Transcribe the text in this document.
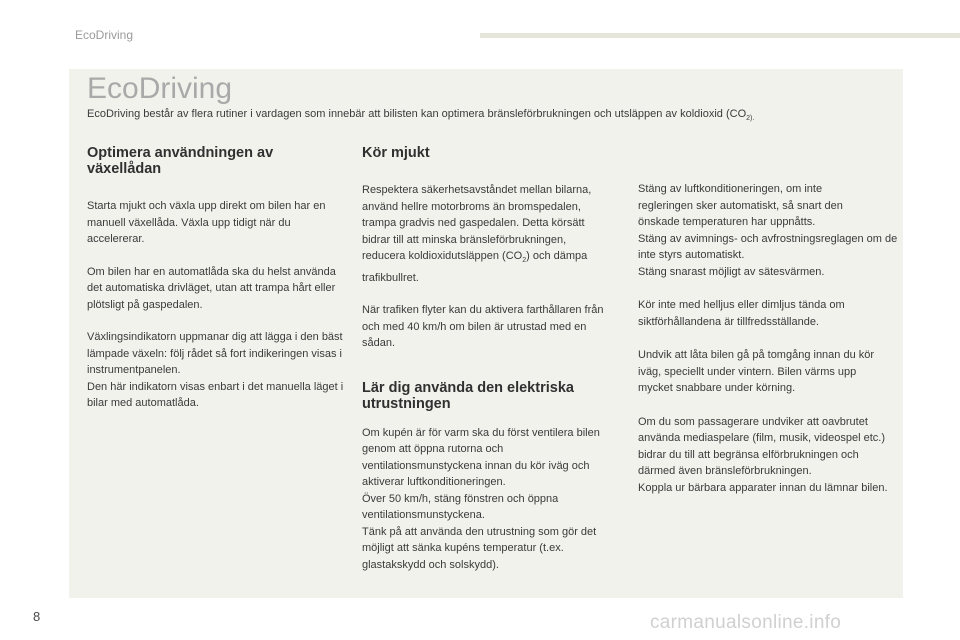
EcoDriving
EcoDriving

EcoDriving består av flera rutiner i vardagen som innebär att bilisten kan optimera bränsleförbrukningen och utsläppen av koldioxid ($CO_{2).}$

Optimera användningen av växellådan

Starta mjukt och växla upp direkt om bilen har en manuell växellåda. Växla upp tidigt när du accelererar.

Om bilen har en automatlåda ska du helst använda det automatiska drivläget, utan att trampa hårt eller plötsligt på gaspedalen.

Växlingsindikatorn uppmanar dig att lägga i den bäst lämpade växeln: följ rådet så fort indikeringen visas i instrumentpanelen.

Den här indikatorn visas enbart i det manuella läget i bilar med automatlåda.

Kör mjukt

Respektera säkerhetsavståndet mellan bilarna, använd hellre motorbroms än bromspedalen, trampa gradvis ned gaspedalen. Detta körsätt bidrar till att minska bränsleförbrukningen, reducera koldioxidutsläppen $(CO_2)$ och dämpa trafikbullret.

När trafiken flyter kan du aktivera farthållaren från och med 40 km/h om bilen är utrustad med en sådan.

Lär dig använda den elektriska utrustningen

Om kupén är för varm ska du först ventilera bilen genom att öppna rutorna och ventilationsmunstyckena innan du kör iväg och aktiverar luftkonditioneringen.

Över 50 km/h, stäng fönstren och öppna ventilationsmunstyckena.

Tänk på att använda den utrustning som gör det möjligt att sänka kupéns temperatur (t.ex. glastakskydd och solskydd).

Stäng av luftkonditioneringen, om inte regleringen sker automatiskt, så snart den önskade temperaturen har uppnåtts.

Stäng av avimnings- och avfrostningsreglagen om de inte styrs automatiskt.

Stäng snarast möjligt av sätesvärmen.

Kör inte med helljus eller dimljus tända om siktförhållandena är tillfredsställande.

Undvik att låta bilen gå på tomgång innan du kör iväg, speciellt under vintern. Bilen värms upp mycket snabbare under körning.

Om du som passagerare undviker att oavbrutet använda mediaspelare (film, musik, videospel etc.) bidrar du till att begränsa elförbrukningen och därmed även bränsleförbrukningen.

Koppla ur bärbara apparater innan du lämnar bilen.

8	carmanualsonline.info
